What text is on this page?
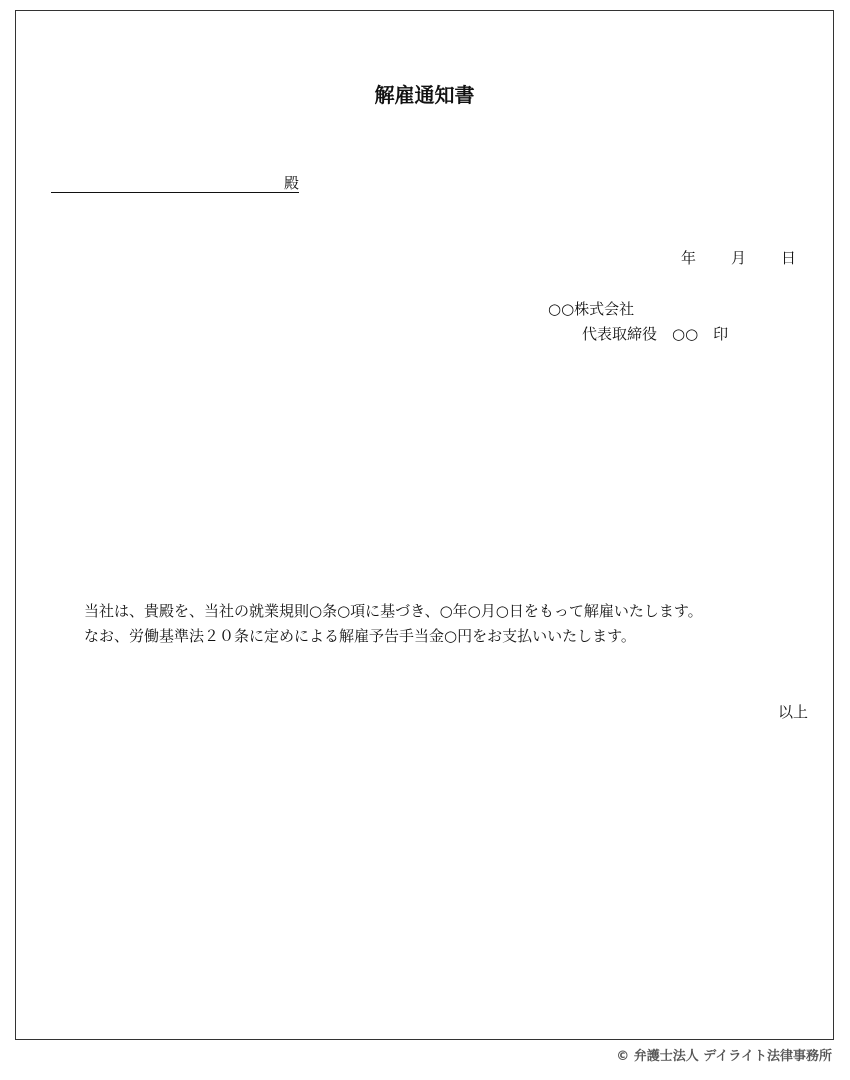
解雇通知書
殿
年 月 日
○○株式会社
代表取締役　○○　印
当社は、貴殿を、当社の就業規則○条○項に基づき、○年○月○日をもって解雇いたします。
なお、労働基準法２０条に定めによる解雇予告手当金○円をお支払いいたします。
以上
© 弁護士法人 デイライト法律事務所
